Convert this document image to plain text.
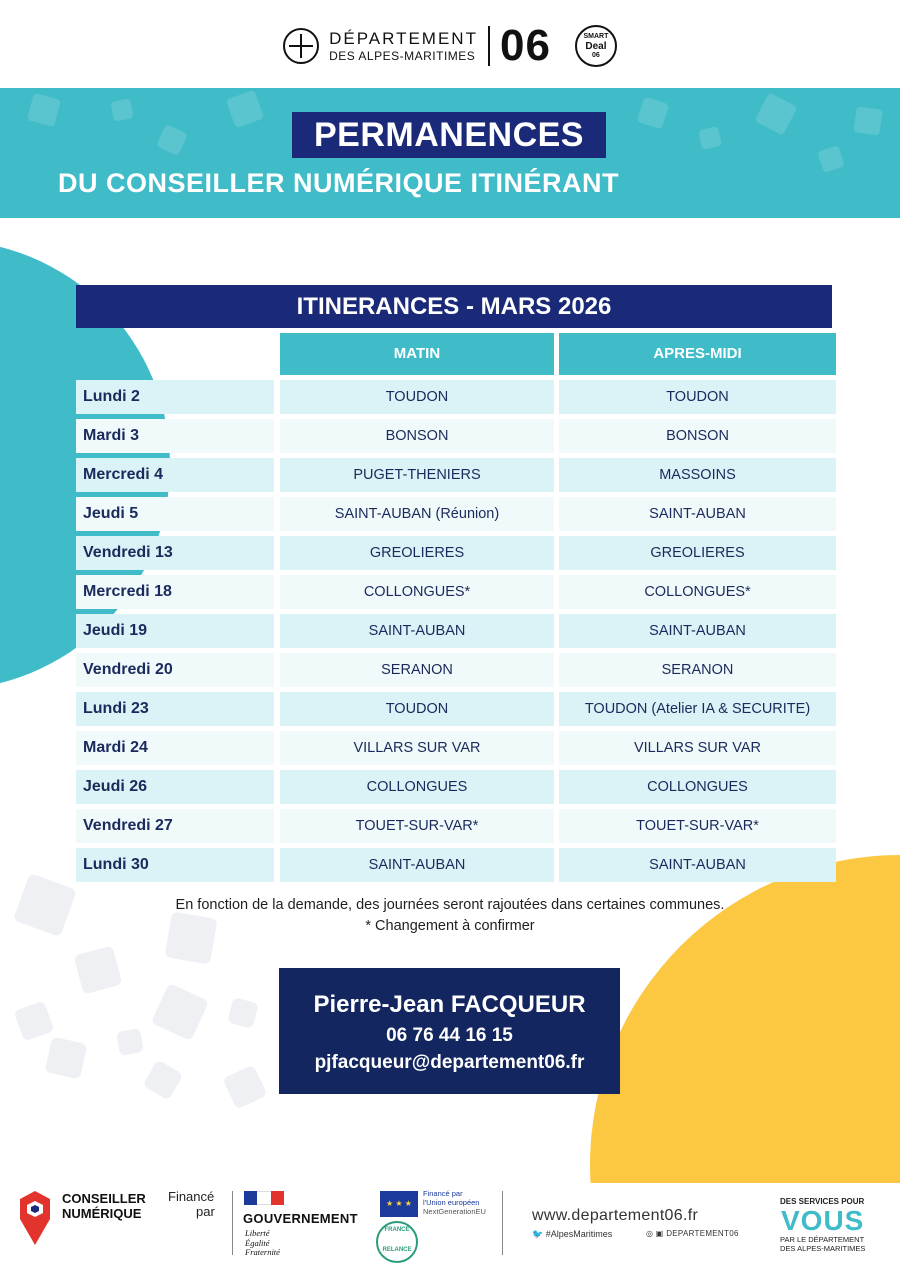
DÉPARTEMENT
DES ALPES-MARITIMES 06	SMART
Deal
06
PERMANENCES
DU CONSEILLER NUMÉRIQUE ITINÉRANT
ITINERANCES - MARS 2026
MATIN	APRES-MIDI
Lundi 2	TOUDON	TOUDON
Mardi 3	BONSON	BONSON
Mercredi 4	PUGET-THENIERS	MASSOINS
Jeudi 5	SAINT-AUBAN (Réunion)	SAINT-AUBAN
Vendredi 13	GREOLIERES	GREOLIERES
Mercredi 18	COLLONGUES*	COLLONGUES*
Jeudi 19	SAINT-AUBAN	SAINT-AUBAN
Vendredi 20	SERANON	SERANON
Lundi 23	TOUDON	TOUDON (Atelier IA & SECURITE)
Mardi 24	VILLARS SUR VAR	VILLARS SUR VAR
Jeudi 26	COLLONGUES	COLLONGUES
Vendredi 27	TOUET-SUR-VAR*	TOUET-SUR-VAR*
Lundi 30	SAINT-AUBAN	SAINT-AUBAN
En fonction de la demande, des journées seront rajoutées dans certaines communes.
* Changement à confirmer
Pierre-Jean FACQUEUR
06 76 44 16 15
pjfacqueur@departement06.fr
CONSEILLER
NUMÉRIQUE
Financé
par GOUVERNEMENT
Liberté
Égalité
Fraternité
★ ★ ★
Financé par
l'Union européen
NextGenerationEU
FRANCE
RELANCE
www.departement06.fr
🐦 #AlpesMaritimes	◎ ▣ DEPARTEMENT06
DES SERVICES POUR
VOUS
PAR LE DÉPARTEMENT
DES ALPES-MARITIMES
